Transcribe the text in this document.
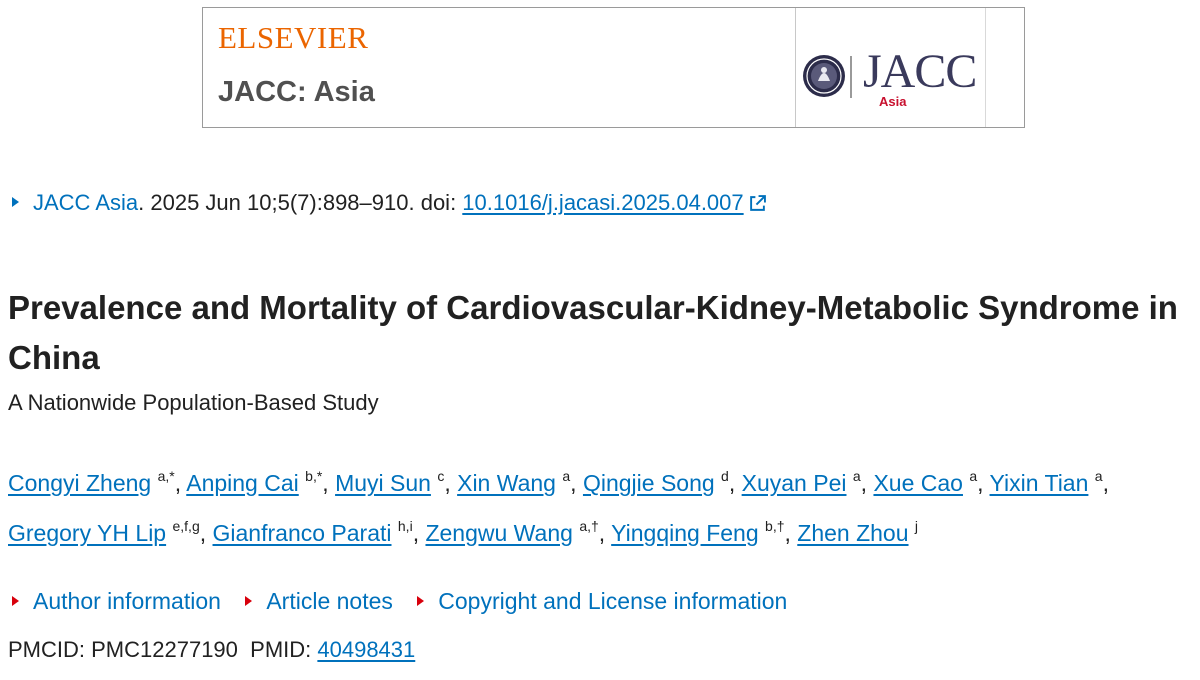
ELSEVIER
JACC: Asia	JACC
Asia
JACC Asia. 2025 Jun 10;5(7):898–910. doi: 10.1016/j.jacasi.2025.04.007
Prevalence and Mortality of Cardiovascular-Kidney-Metabolic Syndrome in China
A Nationwide Population-Based Study
Congyi Zheng $^{a,*}$, Anping Cai $^{b,*}$, Muyi Sun $^c$, Xin Wang $^a$, Qingjie Song $^d$, Xuyan Pei $^a$, Xue Cao $^a$, Yixin Tian $^a$,
Gregory YH Lip $^{e,f,g}$, Gianfranco Parati $^{h,i}$, Zengwu Wang $^{a,\dagger}$, Yingqing Feng $^{b,\dagger}$, Zhen Zhou $^j$
Author information Article notes Copyright and License information
PMCID: PMC12277190 PMID: 40498431
